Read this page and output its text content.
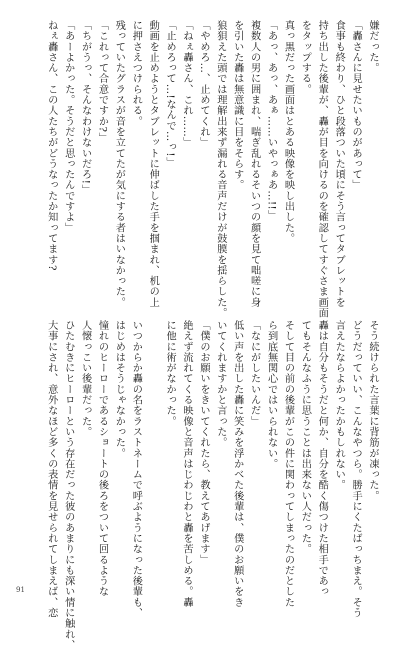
嫌だった。
「轟さんに見せたいものがあって」
食事も終わり、ひと段落ついた頃にそう言ってタブレットを
持ち出した後輩が、轟が目を向けるのを確認してすぐさま画面
をタップする。
真っ黒だった画面はとある映像を映し出した。
「あっ、あっ、あぁ……いやっぁあ…!!」
複数人の男に囲まれ、喘ぎ乱れるそいつの顔を見て咄嗟に身
を引いた轟は無意識に目をそらす。
狼狽えた頭では理解出来ず漏れる音声だけが鼓膜を揺らした。
「やめろ…、止めてくれ」
「ねぇ轟さん、これ……」
「止めろって…!なんで…っ!」
動画を止めようとタブレットに伸ばした手を掴まれ、机の上
に押さえつけられる。
残っていたグラスが音を立てたが気にする者はいなかった。
「これって合意ですか?」
「ちがうっ、そんなわけないだろ!」
「あーよかった。そうだと思ったんですよ」
ねぇ轟さん、この人たちがどうなったか知ってます?
そう続けられた言葉に背筋が凍った。
どうだっていい、こんなやつら。勝手にくたばっちまえ。そう
言えたならよかったかもしれない。
轟は自分もそうだと何か、自分を酷く傷つけた相手であっ
てもそんなふうに思うことは出来ない人だった。
そして目の前の後輩がこの件に関わってしまったのだとした
ら到底無関心ではいられない。
「なにがしたいんだ」
低い声を出した轟に笑みを浮かべた後輩は、僕のお願いをき
いてくれますかと言った。
「僕のお願いをきいてくれたら、教えてあげます」
絶えず流れてくる映像と音声はじわじわと轟を苦しめる。轟
に他に術がなかった。

いつからか轟の名をラストネームで呼ぶようになった後輩も、
はじめはそうじゃなかった。
憧れのヒーローであるショートの後ろをついて回るような
人懐っこい後輩だった。
ひたむきにヒーローという存在だった彼のあまりにも深い情に触れ、
大事にされ、意外なほど多くの表情を見せられてしまえば、恋
91
